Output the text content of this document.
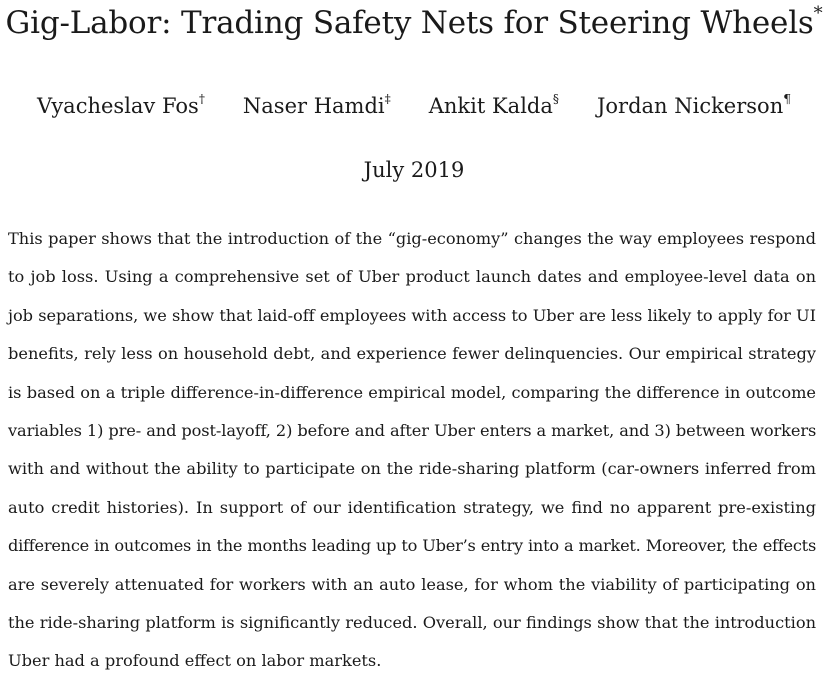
Gig-Labor: Trading Safety Nets for Steering Wheels*
Vyacheslav Fos† Naser Hamdi‡ Ankit Kalda§ Jordan Nickerson¶
July 2019
This paper shows that the introduction of the “gig-economy” changes the way employees respond
to job loss. Using a comprehensive set of Uber product launch dates and employee-level data on
job separations, we show that laid-off employees with access to Uber are less likely to apply for UI
benefits, rely less on household debt, and experience fewer delinquencies. Our empirical strategy
is based on a triple difference-in-difference empirical model, comparing the difference in outcome
variables 1) pre- and post-layoff, 2) before and after Uber enters a market, and 3) between workers
with and without the ability to participate on the ride-sharing platform (car-owners inferred from
auto credit histories). In support of our identification strategy, we find no apparent pre-existing
difference in outcomes in the months leading up to Uber’s entry into a market. Moreover, the effects
are severely attenuated for workers with an auto lease, for whom the viability of participating on
the ride-sharing platform is significantly reduced. Overall, our findings show that the introduction
Uber had a profound effect on labor markets.
